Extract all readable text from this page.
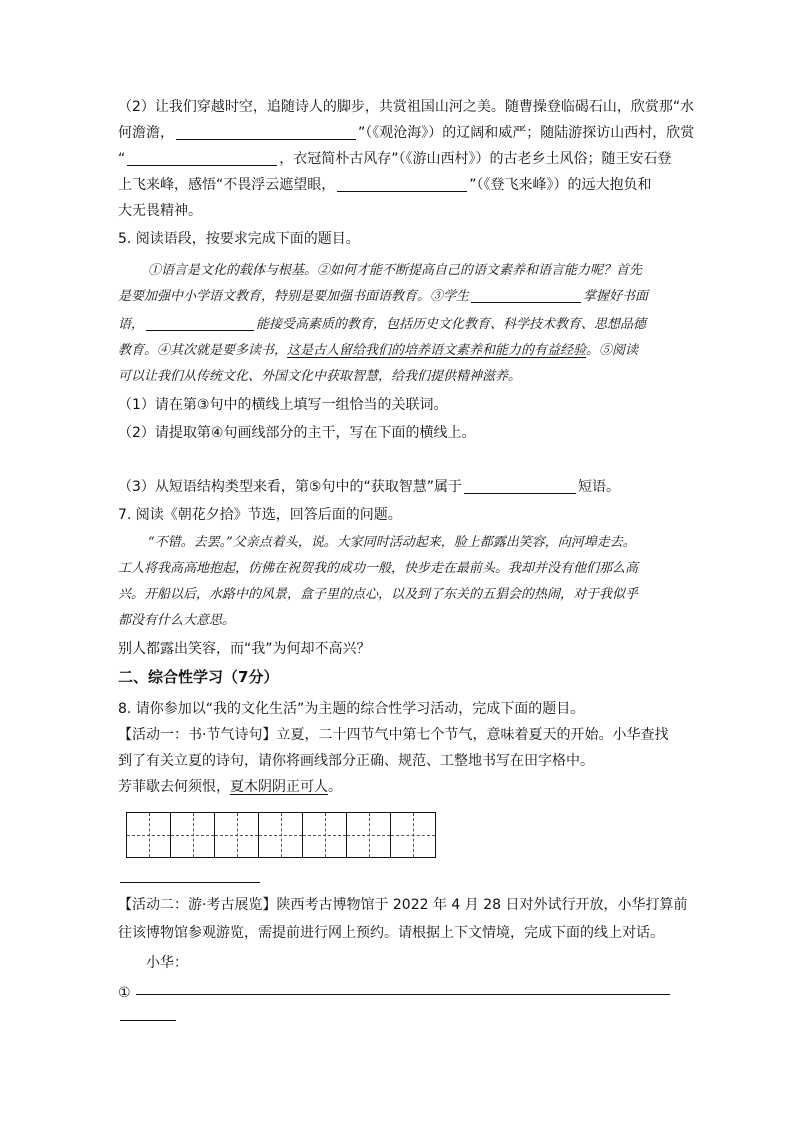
（2）让我们穿越时空，追随诗人的脚步，共赏祖国山河之美。随曹操登临碣石山，欣赏那“水
何澹澹，	”（《观沧海》）的辽阔和威严；随陆游探访山西村，欣赏
“	，衣冠简朴古风存”（《游山西村》）的古老乡土风俗；随王安石登
上飞来峰，感悟“不畏浮云遮望眼，	”（《登飞来峰》）的远大抱负和
大无畏精神。
5. 阅读语段，按要求完成下面的题目。
①语言是文化的载体与根基。②如何才能不断提高自己的语文素养和语言能力呢？首先
是要加强中小学语文教育，特别是要加强书面语教育。③学生	掌握好书面
语，	能接受高素质的教育，包括历史文化教育、科学技术教育、思想品德
教育。④其次就是要多读书，这是古人留给我们的培养语文素养和能力的有益经验。⑤阅读
可以让我们从传统文化、外国文化中获取智慧，给我们提供精神滋养。
（1）请在第③句中的横线上填写一组恰当的关联词。
（2）请提取第④句画线部分的主干，写在下面的横线上。
（3）从短语结构类型来看，第⑤句中的“获取智慧”属于	短语。
7. 阅读《朝花夕拾》节选，回答后面的问题。
“不错。去罢。”父亲点着头，说。大家同时活动起来，脸上都露出笑容，向河埠走去。
工人将我高高地抱起，仿佛在祝贺我的成功一般，快步走在最前头。我却并没有他们那么高
兴。开船以后，水路中的风景，盒子里的点心，以及到了东关的五猖会的热闹，对于我似乎
都没有什么大意思。
别人都露出笑容，而“我”为何却不高兴？
二、综合性学习（7分）
8. 请你参加以“我的文化生活”为主题的综合性学习活动，完成下面的题目。
【活动一：书·节气诗句】立夏，二十四节气中第七个节气，意味着夏天的开始。小华查找
到了有关立夏的诗句，请你将画线部分正确、规范、工整地书写在田字格中。
芳菲歇去何须恨，夏木阴阴正可人。
【活动二：游·考古展览】陕西考古博物馆于 2022 年 4 月 28 日对外试行开放，小华打算前
往该博物馆参观游览，需提前进行网上预约。请根据上下文情境，完成下面的线上对话。
小华：
①
